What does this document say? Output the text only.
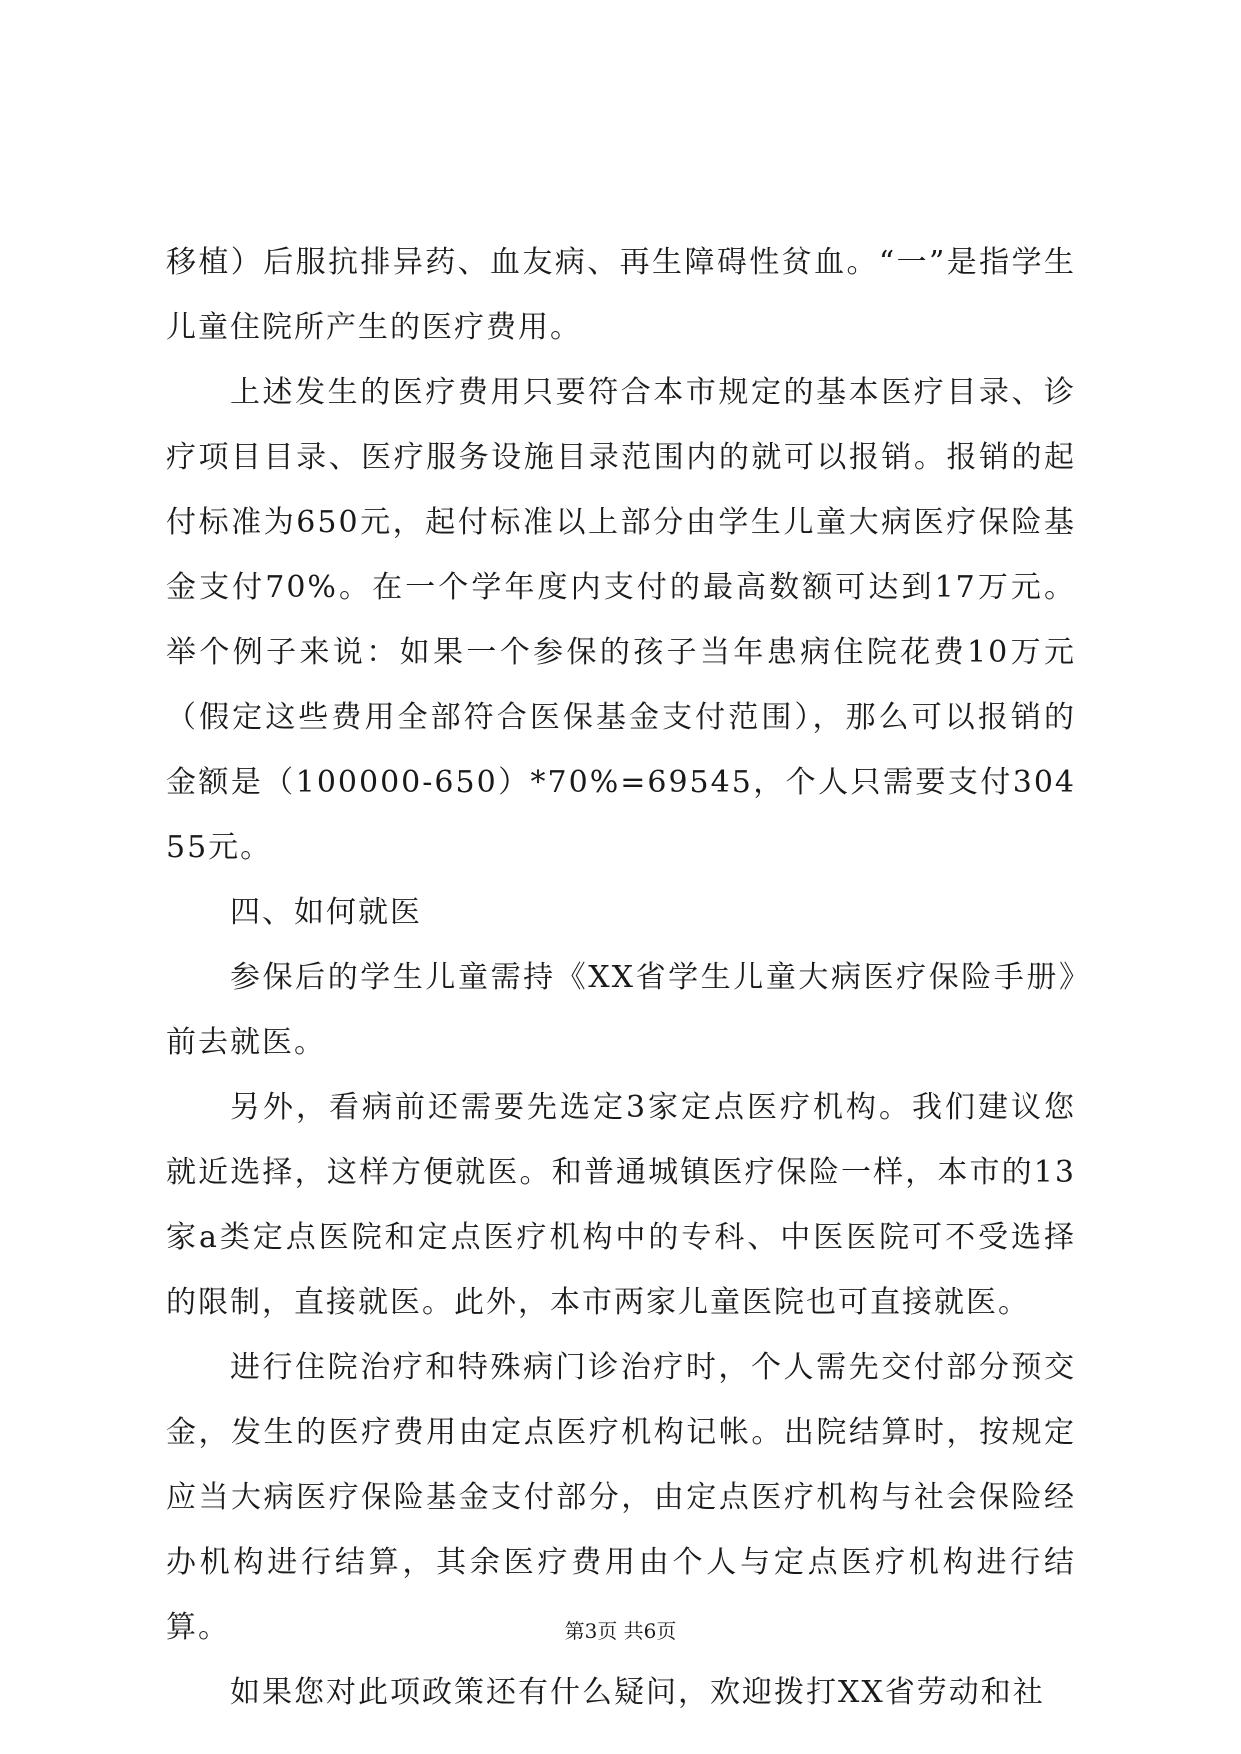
移植）后服抗排异药、血友病、再生障碍性贫血。“一”是指学生儿童住院所产生的医疗费用。

上述发生的医疗费用只要符合本市规定的基本医疗目录、诊疗项目目录、医疗服务设施目录范围内的就可以报销。报销的起付标准为650元，起付标准以上部分由学生儿童大病医疗保险基金支付70%。在一个学年度内支付的最高数额可达到17万元。举个例子来说：如果一个参保的孩子当年患病住院花费10万元（假定这些费用全部符合医保基金支付范围），那么可以报销的金额是（100000-650）*70%=69545，个人只需要支付30455元。

四、如何就医

参保后的学生儿童需持《XX省学生儿童大病医疗保险手册》前去就医。

另外，看病前还需要先选定3家定点医疗机构。我们建议您就近选择，这样方便就医。和普通城镇医疗保险一样，本市的13家a类定点医院和定点医疗机构中的专科、中医医院可不受选择的限制，直接就医。此外，本市两家儿童医院也可直接就医。

进行住院治疗和特殊病门诊治疗时，个人需先交付部分预交金，发生的医疗费用由定点医疗机构记帐。出院结算时，按规定应当大病医疗保险基金支付部分，由定点医疗机构与社会保险经办机构进行结算，其余医疗费用由个人与定点医疗机构进行结算。

如果您对此项政策还有什么疑问，欢迎拨打XX省劳动和社

第3页 共6页
